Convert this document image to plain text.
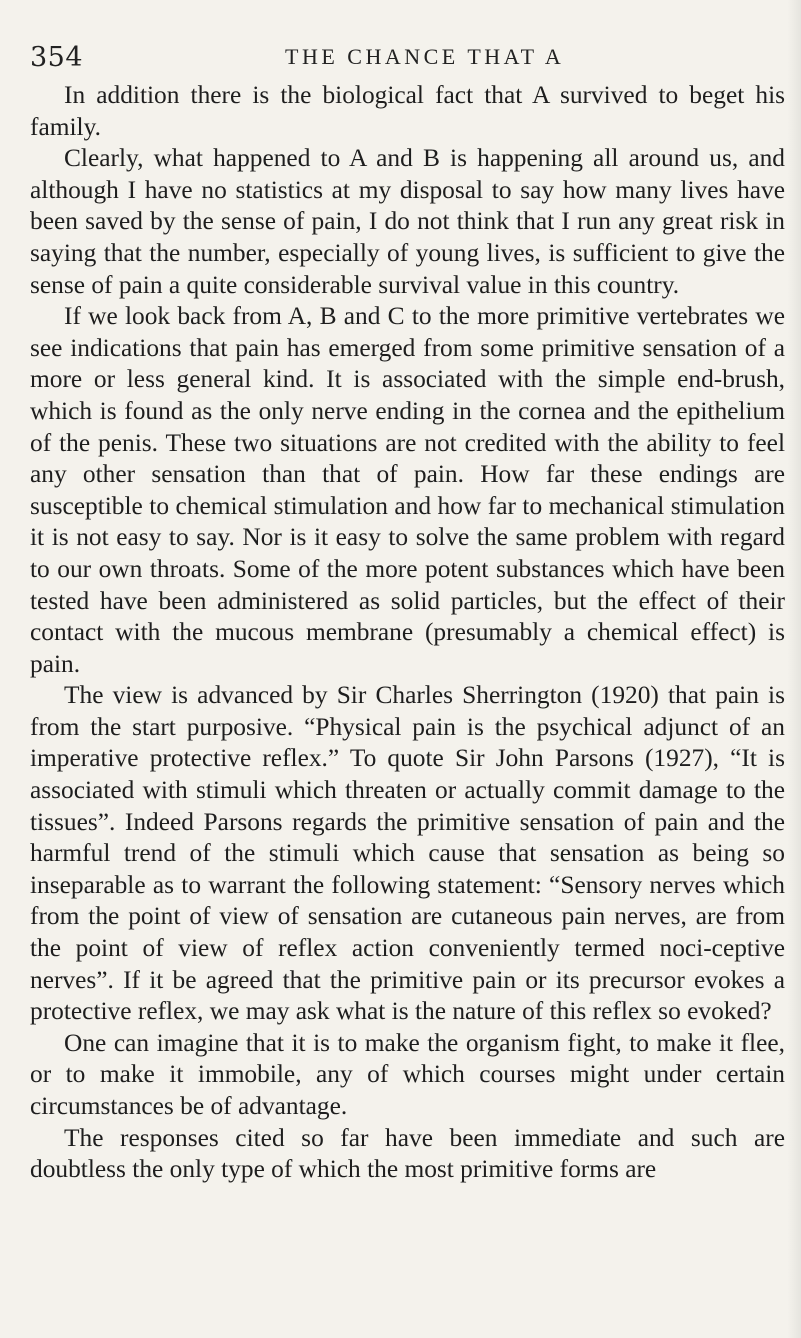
354	THE CHANCE THAT A

In addition there is the biological fact that A survived to beget his family.

Clearly, what happened to A and B is happening all around us, and although I have no statistics at my disposal to say how many lives have been saved by the sense of pain, I do not think that I run any great risk in saying that the number, especially of young lives, is sufficient to give the sense of pain a quite considerable survival value in this country.

If we look back from A, B and C to the more primitive vertebrates we see indications that pain has emerged from some primitive sensation of a more or less general kind. It is associated with the simple end-brush, which is found as the only nerve ending in the cornea and the epithelium of the penis. These two situations are not credited with the ability to feel any other sensation than that of pain. How far these endings are susceptible to chemical stimulation and how far to mechanical stimulation it is not easy to say. Nor is it easy to solve the same problem with regard to our own throats. Some of the more potent substances which have been tested have been administered as solid particles, but the effect of their contact with the mucous membrane (presumably a chemical effect) is pain.

The view is advanced by Sir Charles Sherrington (1920) that pain is from the start purposive. “Physical pain is the psychical adjunct of an imperative protective reflex.” To quote Sir John Parsons (1927), “It is associated with stimuli which threaten or actually commit damage to the tissues”. Indeed Parsons regards the primitive sensation of pain and the harmful trend of the stimuli which cause that sensation as being so inseparable as to warrant the following statement: “Sensory nerves which from the point of view of sensation are cutaneous pain nerves, are from the point of view of reflex action conveniently termed noci-ceptive nerves”. If it be agreed that the primitive pain or its precursor evokes a protective reflex, we may ask what is the nature of this reflex so evoked?

One can imagine that it is to make the organism fight, to make it flee, or to make it immobile, any of which courses might under certain circumstances be of advantage.

The responses cited so far have been immediate and such are doubtless the only type of which the most primitive forms are
